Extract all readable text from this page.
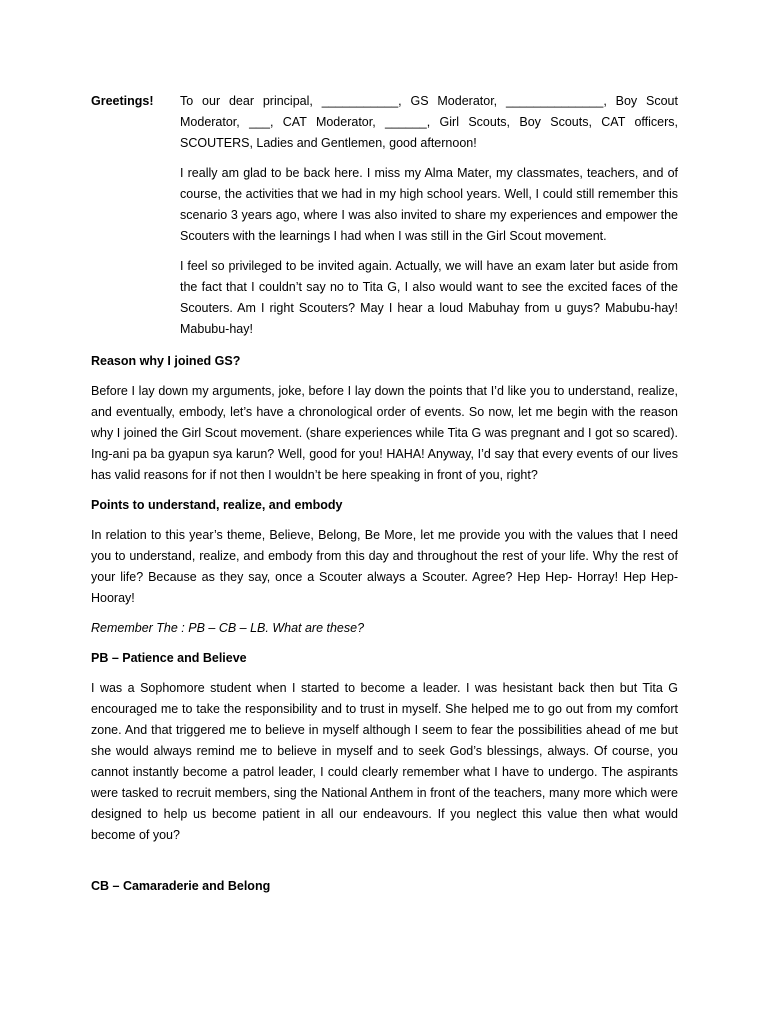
Greetings! To our dear principal, ___________, GS Moderator, ______________, Boy Scout Moderator, ___, CAT Moderator, ______, Girl Scouts, Boy Scouts, CAT officers, SCOUTERS, Ladies and Gentlemen, good afternoon!

I really am glad to be back here. I miss my Alma Mater, my classmates, teachers, and of course, the activities that we had in my high school years. Well, I could still remember this scenario 3 years ago, where I was also invited to share my experiences and empower the Scouters with the learnings I had when I was still in the Girl Scout movement.

I feel so privileged to be invited again. Actually, we will have an exam later but aside from the fact that I couldn’t say no to Tita G, I also would want to see the excited faces of the Scouters. Am I right Scouters? May I hear a loud Mabuhay from u guys? Mabubu-hay! Mabubu-hay!

Reason why I joined GS?

Before I lay down my arguments, joke, before I lay down the points that I’d like you to understand, realize, and eventually, embody, let’s have a chronological order of events. So now, let me begin with the reason why I joined the Girl Scout movement. (share experiences while Tita G was pregnant and I got so scared). Ing-ani pa ba gyapun sya karun? Well, good for you! HAHA! Anyway, I’d say that every events of our lives has valid reasons for if not then I wouldn’t be here speaking in front of you, right?

Points to understand, realize, and embody

In relation to this year’s theme, Believe, Belong, Be More, let me provide you with the values that I need you to understand, realize, and embody from this day and throughout the rest of your life. Why the rest of your life? Because as they say, once a Scouter always a Scouter. Agree? Hep Hep- Horray! Hep Hep- Hooray!

Remember The : PB – CB – LB. What are these?

PB – Patience and Believe

I was a Sophomore student when I started to become a leader. I was hesistant back then but Tita G encouraged me to take the responsibility and to trust in myself. She helped me to go out from my comfort zone. And that triggered me to believe in myself although I seem to fear the possibilities ahead of me but she would always remind me to believe in myself and to seek God’s blessings, always. Of course, you cannot instantly become a patrol leader, I could clearly remember what I have to undergo. The aspirants were tasked to recruit members, sing the National Anthem in front of the teachers, many more which were designed to help us become patient in all our endeavours. If you neglect this value then what would become of you?

CB – Camaraderie and Belong
